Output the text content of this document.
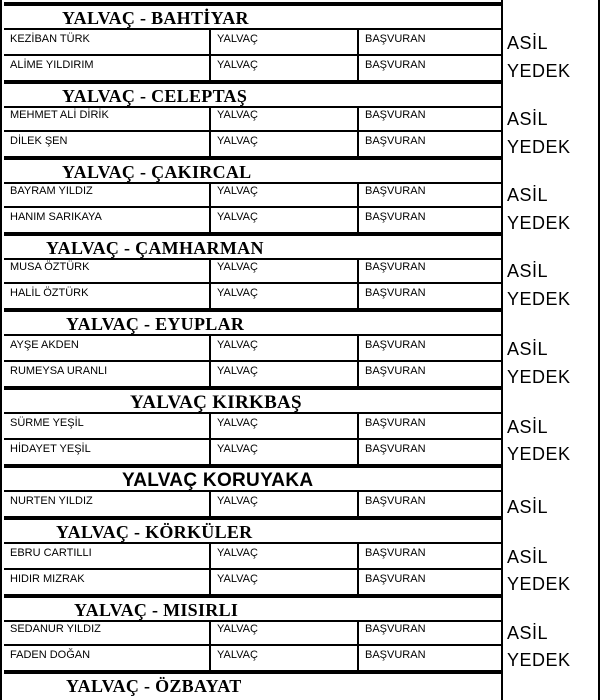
YALVAÇ - BAHTİYAR
KEZİBAN TÜRK	YALVAÇ	BAŞVURAN	ASİL
ALİME YILDIRIM	YALVAÇ	BAŞVURAN	YEDEK
YALVAÇ - CELEPTAŞ
MEHMET ALİ DİRİK	YALVAÇ	BAŞVURAN	ASİL
DİLEK ŞEN	YALVAÇ	BAŞVURAN	YEDEK
YALVAÇ - ÇAKIRCAL
BAYRAM YILDIZ	YALVAÇ	BAŞVURAN	ASİL
HANIM SARIKAYA	YALVAÇ	BAŞVURAN	YEDEK
YALVAÇ - ÇAMHARMAN
MUSA ÖZTÜRK	YALVAÇ	BAŞVURAN	ASİL
HALİL ÖZTÜRK	YALVAÇ	BAŞVURAN	YEDEK
YALVAÇ - EYUPLAR
AYŞE AKDEN	YALVAÇ	BAŞVURAN	ASİL
RUMEYSA URANLI	YALVAÇ	BAŞVURAN	YEDEK
YALVAÇ KIRKBAŞ
SÜRME YEŞİL	YALVAÇ	BAŞVURAN	ASİL
HİDAYET YEŞİL	YALVAÇ	BAŞVURAN	YEDEK
YALVAÇ KORUYAKA
NURTEN YILDIZ	YALVAÇ	BAŞVURAN	ASİL
YALVAÇ - KÖRKÜLER
EBRU CARTILLI	YALVAÇ	BAŞVURAN	ASİL
HIDIR MIZRAK	YALVAÇ	BAŞVURAN	YEDEK
YALVAÇ - MISIRLI
SEDANUR YILDIZ	YALVAÇ	BAŞVURAN	ASİL
FADEN DOĞAN	YALVAÇ	BAŞVURAN	YEDEK
YALVAÇ - ÖZBAYAT
